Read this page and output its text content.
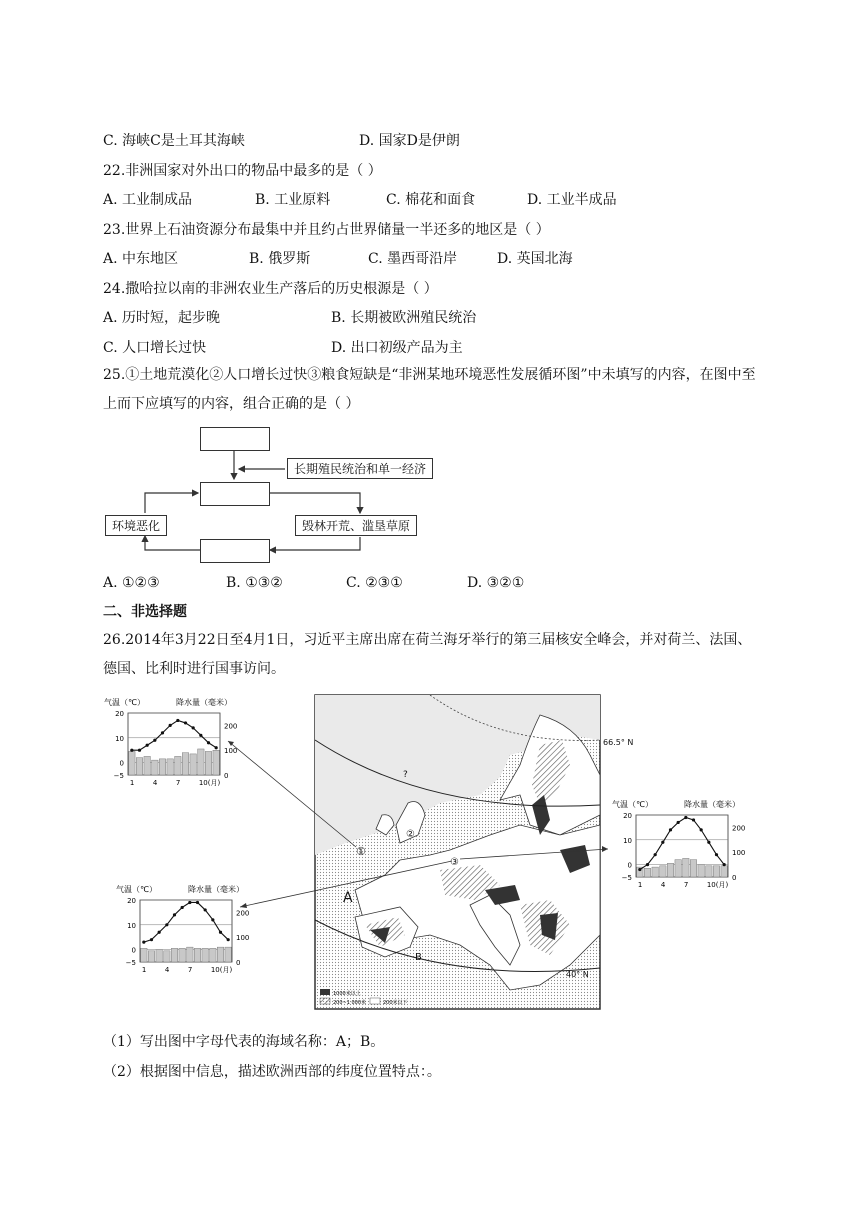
C. 海峡C是土耳其海峡	D. 国家D是伊朗
22.非洲国家对外出口的物品中最多的是（ ）
A. 工业制成品	B. 工业原料	C. 棉花和面食	D. 工业半成品
23.世界上石油资源分布最集中并且约占世界储量一半还多的地区是（ ）
A. 中东地区	B. 俄罗斯	C. 墨西哥沿岸	D. 英国北海
24.撒哈拉以南的非洲农业生产落后的历史根源是（ ）
A. 历时短，起步晚	B. 长期被欧洲殖民统治
C. 人口增长过快	D. 出口初级产品为主
25.①土地荒漠化②人口增长过快③粮食短缺是“非洲某地环境恶性发展循环图”中未填写的内容，在图中至上而下应填写的内容，组合正确的是（ ）
长期殖民统治和单一经济
环境恶化	毁林开荒、滥垦草原
A. ①②③	B. ①③②	C. ②③①	D. ③②①
二、非选择题
26.2014年3月22日至4月1日，习近平主席出席在荷兰海牙举行的第三届核安全峰会，并对荷兰、法国、德国、比利时进行国事访问。
66.5° N
40° N
①
②
③
A
B
?
1000米以上
200~1 000米	200米以下
气温（℃）	降水量（毫米）
20
10
0
−5
200
100
0
1	4	7	10(月)
气温（℃）	降水量（毫米）
20
10
0
−5
200
100
0
1	4	7	10(月)
气温（℃）	降水量（毫米）
20
10
0
−5
200
100
0
1	4	7	10(月)
（1）写出图中字母代表的海域名称：A；B。
（2）根据图中信息，描述欧洲西部的纬度位置特点：。
